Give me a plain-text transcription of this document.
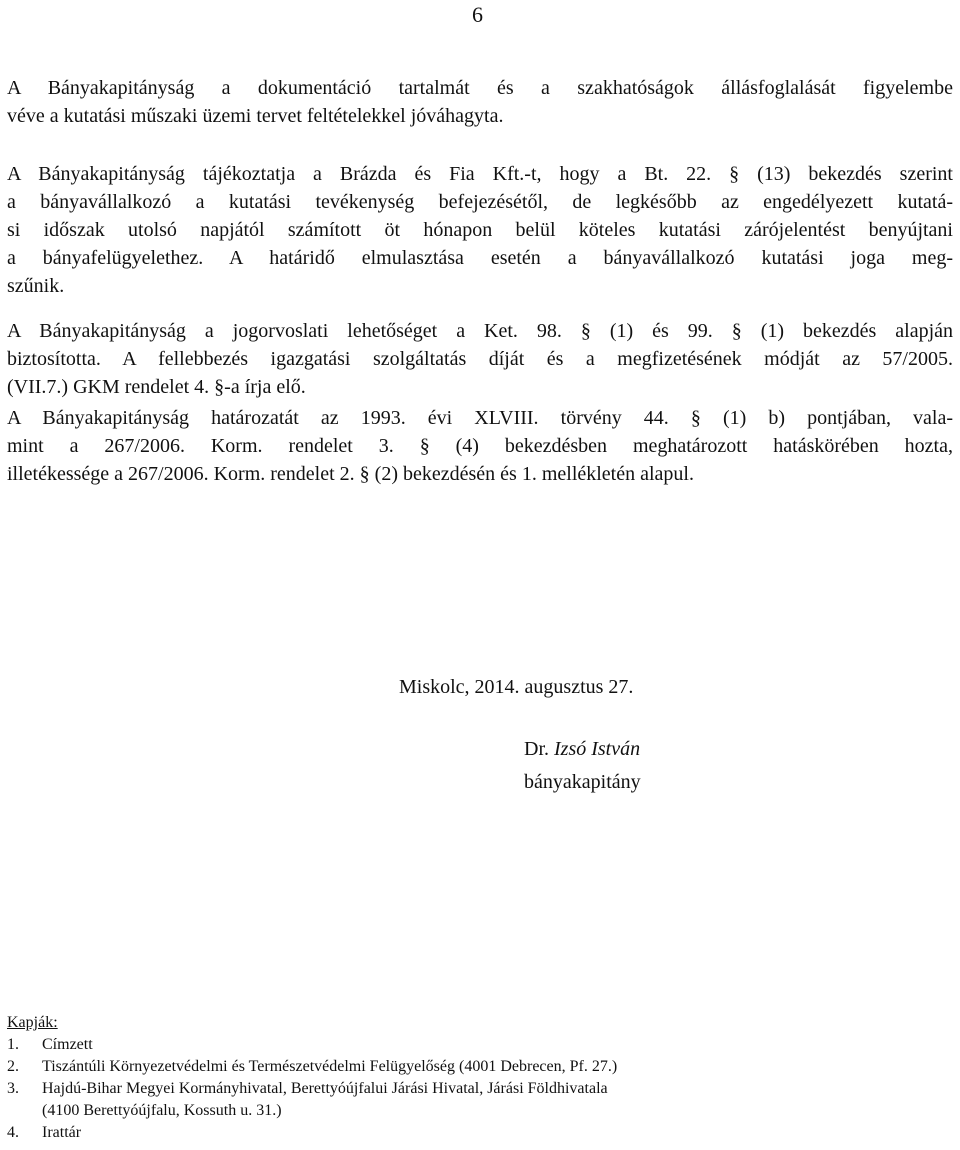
6
A Bányakapitányság a dokumentáció tartalmát és a szakhatóságok állásfoglalását figyelembe
véve a kutatási műszaki üzemi tervet feltételekkel jóváhagyta.
A Bányakapitányság tájékoztatja a Brázda és Fia Kft.-t, hogy a Bt. 22. § (13) bekezdés szerint
a bányavállalkozó a kutatási tevékenység befejezésétől, de legkésőbb az engedélyezett kutatá-
si időszak utolsó napjától számított öt hónapon belül köteles kutatási zárójelentést benyújtani
a bányafelügyelethez. A határidő elmulasztása esetén a bányavállalkozó kutatási joga meg-
szűnik.
A Bányakapitányság a jogorvoslati lehetőséget a Ket. 98. § (1) és 99. § (1) bekezdés alapján
biztosította. A fellebbezés igazgatási szolgáltatás díját és a megfizetésének módját az 57/2005.
(VII.7.) GKM rendelet 4. §-a írja elő.
A Bányakapitányság határozatát az 1993. évi XLVIII. törvény 44. § (1) b) pontjában, vala-
mint a 267/2006. Korm. rendelet 3. § (4) bekezdésben meghatározott hatáskörében hozta,
illetékessége a 267/2006. Korm. rendelet 2. § (2) bekezdésén és 1. mellékletén alapul.
Miskolc, 2014. augusztus 27.
Dr. Izsó István
bányakapitány
Kapják:
1. Címzett
2. Tiszántúli Környezetvédelmi és Természetvédelmi Felügyelőség (4001 Debrecen, Pf. 27.)
3. Hajdú-Bihar Megyei Kormányhivatal, Berettyóújfalui Járási Hivatal, Járási Földhivatala
(4100 Berettyóújfalu, Kossuth u. 31.)
4. Irattár
